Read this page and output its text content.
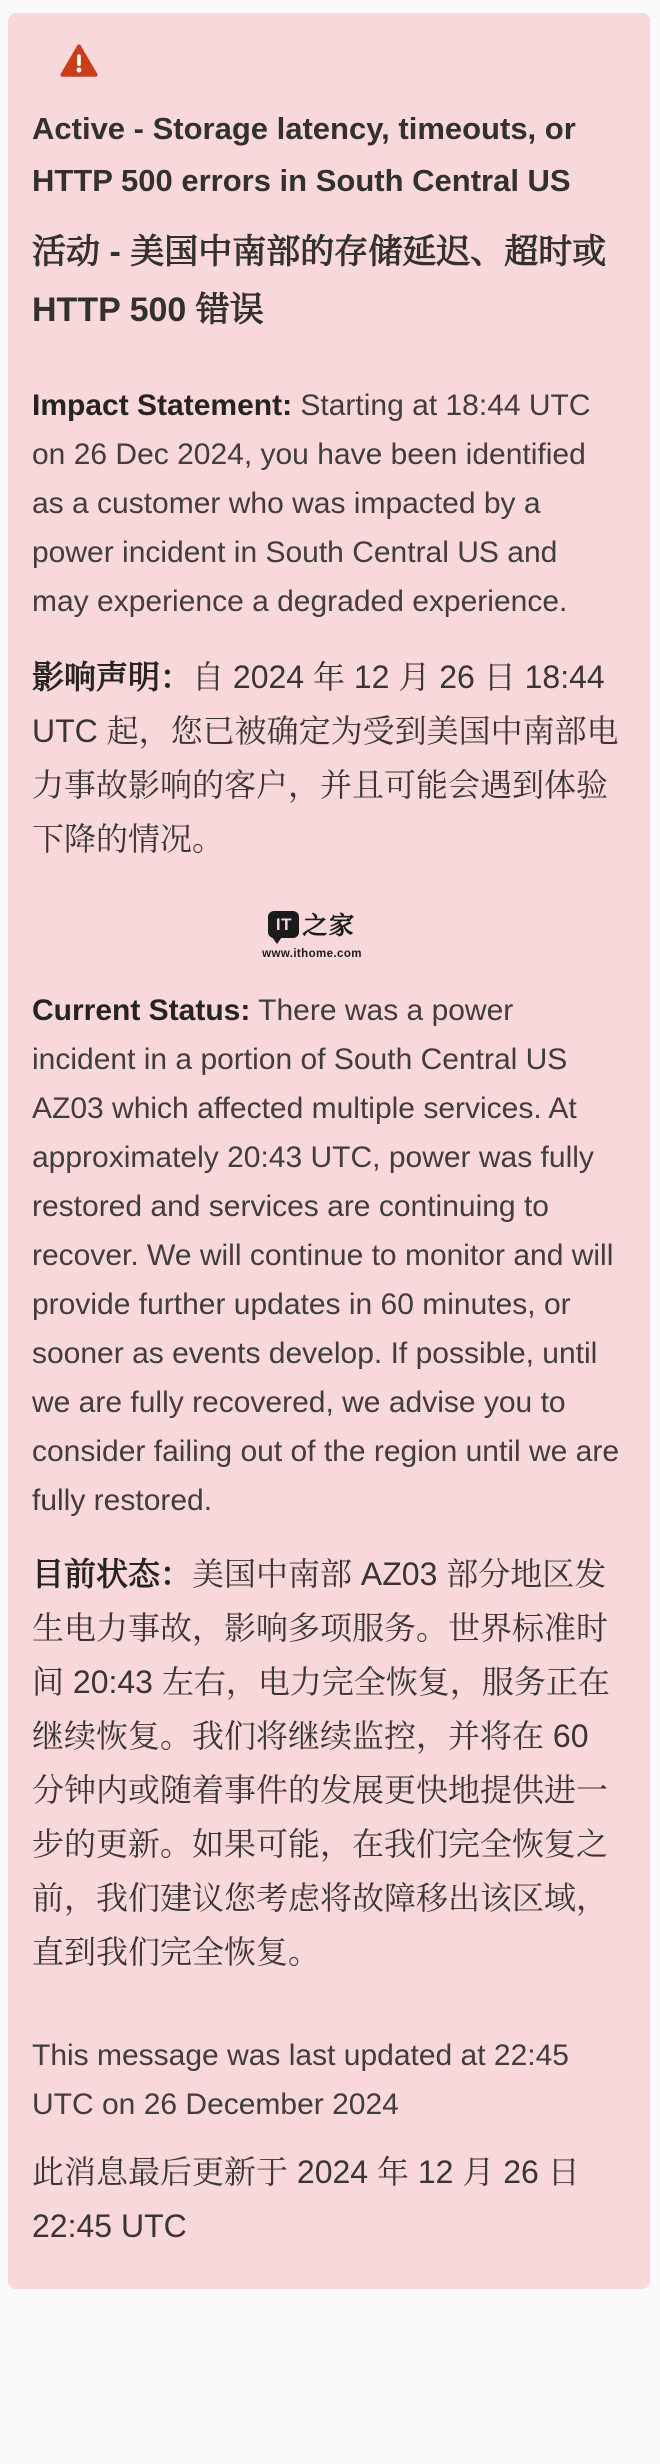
Active - Storage latency, timeouts, or HTTP 500 errors in South Central US
活动 - 美国中南部的存储延迟、超时或 HTTP 500 错误

Impact Statement: Starting at 18:44 UTC on 26 Dec 2024, you have been identified as a customer who was impacted by a power incident in South Central US and may experience a degraded experience.

影响声明：自 2024 年 12 月 26 日 18:44 UTC 起，您已被确定为受到美国中南部电力事故影响的客户，并且可能会遇到体验下降的情况。

IT 之家
www.ithome.com

Current Status: There was a power incident in a portion of South Central US AZ03 which affected multiple services. At approximately 20:43 UTC, power was fully restored and services are continuing to recover. We will continue to monitor and will provide further updates in 60 minutes, or sooner as events develop. If possible, until we are fully recovered, we advise you to consider failing out of the region until we are fully restored.

目前状态：美国中南部 AZ03 部分地区发生电力事故，影响多项服务。世界标准时间 20:43 左右，电力完全恢复，服务正在继续恢复。我们将继续监控，并将在 60 分钟内或随着事件的发展更快地提供进一步的更新。如果可能，在我们完全恢复之前，我们建议您考虑将故障移出该区域，直到我们完全恢复。

This message was last updated at 22:45 UTC on 26 December 2024

此消息最后更新于 2024 年 12 月 26 日 22:45 UTC
